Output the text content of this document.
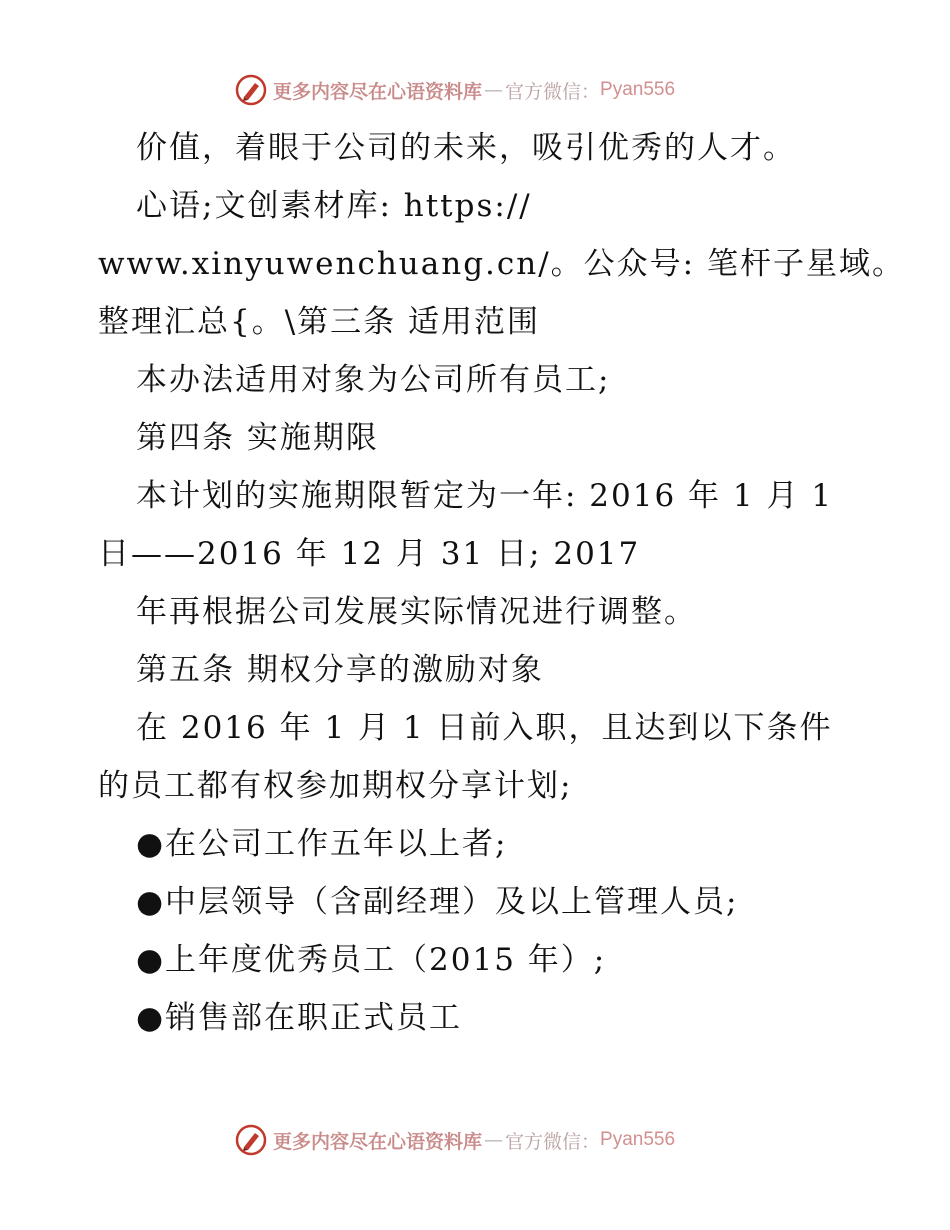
更多内容尽在心语资料库 — 官方微信： Pyan556
价值，着眼于公司的未来，吸引优秀的人才。
心语;文创素材库: https://
www.xinyuwenchuang.cn/。公众号: 笔杆子星域。
整理汇总{。\第三条 适用范围
本办法适用对象为公司所有员工;
第四条 实施期限
本计划的实施期限暂定为一年: 2016 年 1 月 1
日——2016 年 12 月 31 日; 2017
年再根据公司发展实际情况进行调整。
第五条 期权分享的激励对象
在 2016 年 1 月 1 日前入职，且达到以下条件
的员工都有权参加期权分享计划;
●在公司工作五年以上者;
●中层领导（含副经理）及以上管理人员;
●上年度优秀员工（2015 年）;
●销售部在职正式员工
更多内容尽在心语资料库 — 官方微信： Pyan556
